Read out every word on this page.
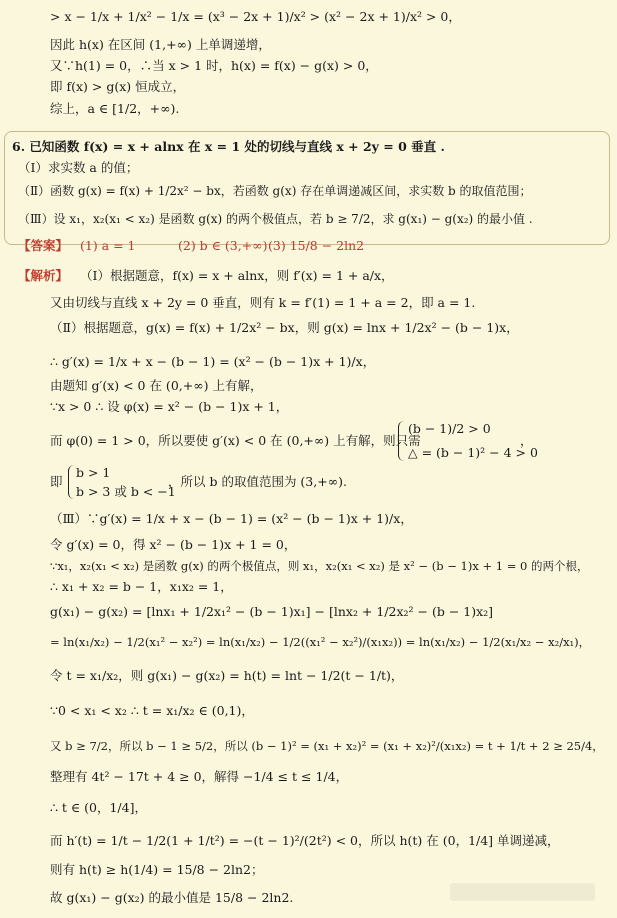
> x − 1/x + 1/x² − 1/x = (x³ − 2x + 1)/x² > (x² − 2x + 1)/x² > 0，
因此 h(x) 在区间 (1,+∞) 上单调递增，
又∵h(1) = 0，∴当 x > 1 时，h(x) = f(x) − g(x) > 0，
即 f(x) > g(x) 恒成立，
综上，a ∈ [1/2，+∞).
6. 已知函数 f(x) = x + alnx 在 x = 1 处的切线与直线 x + 2y = 0 垂直 .
（Ⅰ）求实数 a 的值；
（Ⅱ）函数 g(x) = f(x) + 1/2x² − bx，若函数 g(x) 存在单调递减区间，求实数 b 的取值范围；
（Ⅲ）设 x₁，x₂(x₁ < x₂) 是函数 g(x) 的两个极值点，若 b ≥ 7/2，求 g(x₁) − g(x₂) 的最小值 .
【答案】 (1) a = 1	(2) b ∈ (3,+∞) (3) 15/8 − 2ln2
【解析】 （Ⅰ）根据题意，f(x) = x + alnx，则 f′(x) = 1 + a/x，
又由切线与直线 x + 2y = 0 垂直，则有 k = f′(1) = 1 + a = 2，即 a = 1.
（Ⅱ）根据题意，g(x) = f(x) + 1/2x² − bx，则 g(x) = lnx + 1/2x² − (b − 1)x，
∴ g′(x) = 1/x + x − (b − 1) = (x² − (b − 1)x + 1)/x，
由题知 g′(x) < 0 在 (0,+∞) 上有解，
∵x > 0 ∴ 设 φ(x) = x² − (b − 1)x + 1，
而 φ(0) = 1 > 0，所以要使 g′(x) < 0 在 (0,+∞) 上有解，则只需
(b − 1)/2 > 0
△ = (b − 1)² − 4 > 0
，
即
b > 1
b > 3 或 b < −1
，所以 b 的取值范围为 (3,+∞).
（Ⅲ）∵g′(x) = 1/x + x − (b − 1) = (x² − (b − 1)x + 1)/x，
令 g′(x) = 0，得 x² − (b − 1)x + 1 = 0，
∵x₁，x₂(x₁ < x₂) 是函数 g(x) 的两个极值点，则 x₁，x₂(x₁ < x₂) 是 x² − (b − 1)x + 1 = 0 的两个根，
∴ x₁ + x₂ = b − 1，x₁x₂ = 1，
g(x₁) − g(x₂) = [lnx₁ + 1/2x₁² − (b − 1)x₁] − [lnx₂ + 1/2x₂² − (b − 1)x₂]
= ln(x₁/x₂) − 1/2(x₁² − x₂²) = ln(x₁/x₂) − 1/2((x₁² − x₂²)/(x₁x₂)) = ln(x₁/x₂) − 1/2(x₁/x₂ − x₂/x₁)，
令 t = x₁/x₂，则 g(x₁) − g(x₂) = h(t) = lnt − 1/2(t − 1/t)，
∵0 < x₁ < x₂ ∴ t = x₁/x₂ ∈ (0,1)，
又 b ≥ 7/2，所以 b − 1 ≥ 5/2，所以 (b − 1)² = (x₁ + x₂)² = (x₁ + x₂)²/(x₁x₂) = t + 1/t + 2 ≥ 25/4，
整理有 4t² − 17t + 4 ≥ 0，解得 −1/4 ≤ t ≤ 1/4，
∴ t ∈ (0，1/4]，
而 h′(t) = 1/t − 1/2(1 + 1/t²) = −(t − 1)²/(2t²) < 0，所以 h(t) 在 (0，1/4] 单调递减，
则有 h(t) ≥ h(1/4) = 15/8 − 2ln2；
故 g(x₁) − g(x₂) 的最小值是 15/8 − 2ln2.
